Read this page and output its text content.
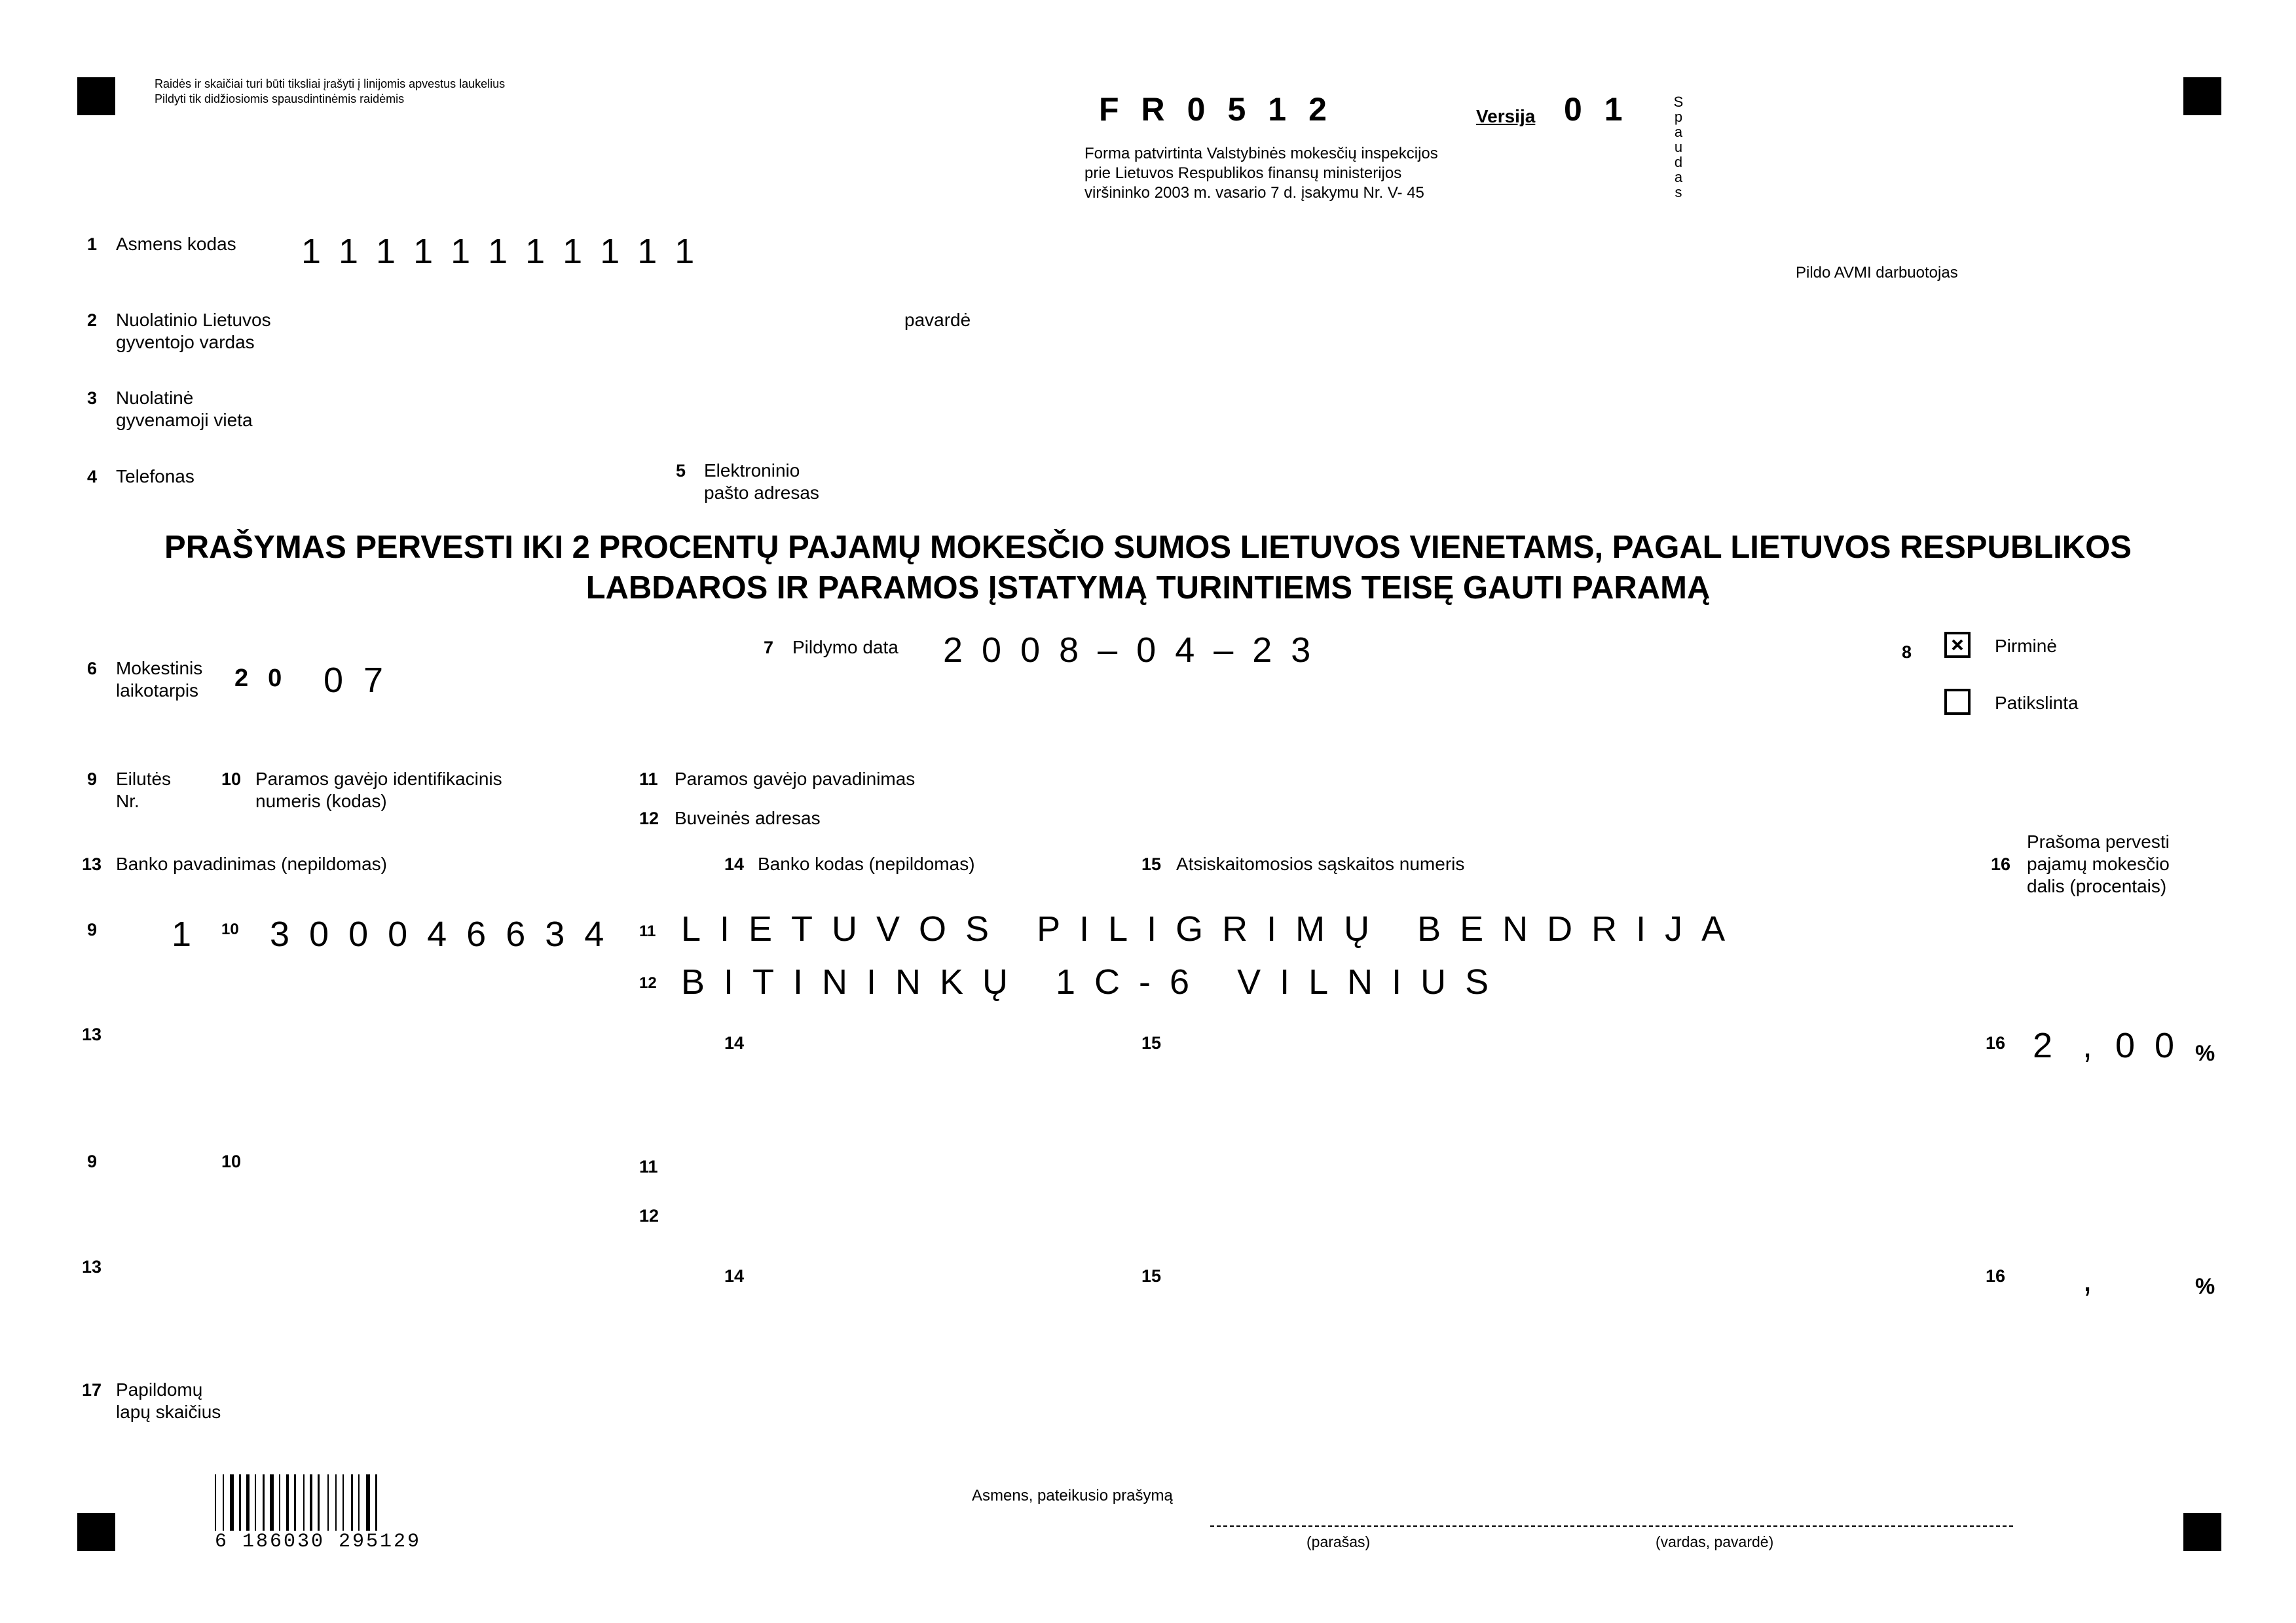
Raidės ir skaičiai turi būti tiksliai įrašyti į linijomis apvestus laukelius
Pildyti tik didžiosiomis spausdintinėmis raidėmis	FR0512	Versija 01
Forma patvirtinta Valstybinės mokesčių inspekcijos
prie Lietuvos Respublikos finansų ministerijos
viršininko 2003 m. vasario 7 d. įsakymu Nr. V- 45
Spaudas
Pildo AVMI darbuotojas
1 Asmens kodas 11111111111
2 Nuolatinio Lietuvos
gyventojo vardas
pavardė
3 Nuolatinė
gyvenamoji vieta
4 Telefonas	5 Elektroninio
pašto adresas
PRAŠYMAS PERVESTI IKI 2 PROCENTŲ PAJAMŲ MOKESČIO SUMOS LIETUVOS VIENETAMS, PAGAL LIETUVOS RESPUBLIKOS
LABDAROS IR PARAMOS ĮSTATYMĄ TURINTIEMS TEISĘ GAUTI PARAMĄ
6 Mokestinis
laikotarpis 20 07
7 Pildymo data 2008–04–23	8	Pirminė
Patikslinta
9 Eilutės
Nr.
10 Paramos gavėjo identifikacinis
numeris (kodas)
11 Paramos gavėjo pavadinimas
12 Buveinės adresas
13 Banko pavadinimas (nepildomas)	14 Banko kodas (nepildomas)	15 Atsiskaitomosios sąskaitos numeris	16
Prašoma pervesti
pajamų mokesčio
dalis (procentais)
9 1 10 300046634 11 LIETUVOS PILIGRIMŲ BENDRIJA
12 BITININKŲ 1C-6 VILNIUS
13	14	15	16 2 , 00 %
9	10	11
12
13	14	15	16 ,	%
17 Papildomų
lapų skaičius
6 186030 295129
Asmens, pateikusio prašymą
(parašas)	(vardas, pavardė)
